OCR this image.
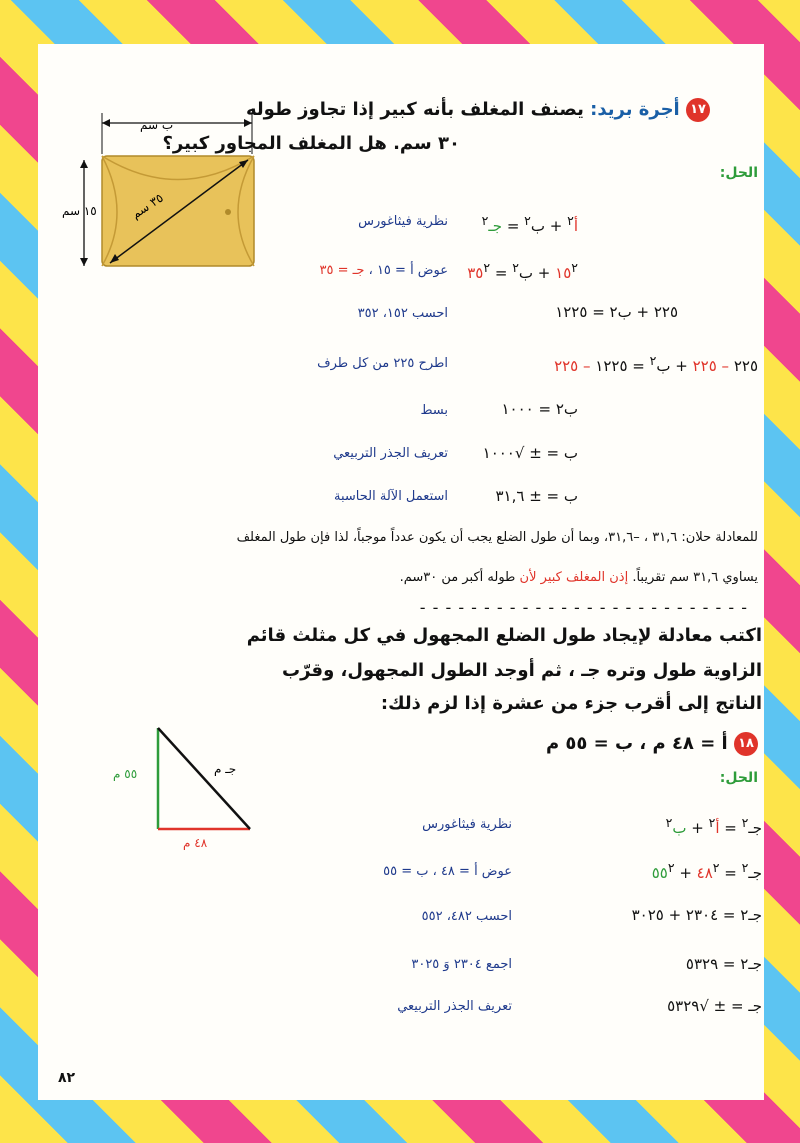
١٧ أجرة بريد: يصنف المغلف بأنه كبير إذا تجاوز طوله
٣٠ سم. هل المغلف المجاور كبير؟
الحل:
ب سم
١٥ سم	٣٥ سم
أ$^٢$ + ب$^٢$ = جـ$^٢$
نظرية فيثاغورس
$١٥^٢$ + ب$^٢$ = $٣٥^٢$
عوض أ = ١٥ ، جـ = ٣٥
٢٢٥ + ب٢ = ١٢٢٥
احسب ١٥٢، ٣٥٢
٢٢٥ – ٢٢٥ + ب$^٢$ = ١٢٢٥ – ٢٢٥
اطرح ٢٢٥ من كل طرف
ب٢ = ١٠٠٠
بسط
ب = ± √١٠٠٠
تعريف الجذر التربيعي
ب = ± ٣١,٦
استعمل الآلة الحاسبة
للمعادلة حلان: ٣١,٦ ، –٣١,٦، وبما أن طول الضلع يجب أن يكون عدداً موجباً، لذا فإن طول المغلف
يساوي ٣١,٦ سم تقريباً. إذن المغلف كبير لأن طوله أكبر من ٣٠سم.
- - - - - - - - - - - - - - - - - - - - - - - - - -
اكتب معادلة لإيجاد طول الضلع المجهول في كل مثلث قائم
الزاوية طول وتره جـ ، ثم أوجد الطول المجهول، وقرّب
الناتج إلى أقرب جزء من عشرة إذا لزم ذلك:
١٨ أ = ٤٨ م ، ب = ٥٥ م
الحل:
جـ م
٥٥ م
٤٨ م
جـ$^٢$ = أ$^٢$ + ب$^٢$
نظرية فيثاغورس
جـ$^٢$ = $٤٨^٢$ + $٥٥^٢$
عوض أ = ٤٨ ، ب = ٥٥
جـ٢ = ٢٣٠٤ + ٣٠٢٥
احسب ٤٨٢، ٥٥٢
جـ٢ = ٥٣٢٩
اجمع ٢٣٠٤ وَ ٣٠٢٥
جـ = ± √٥٣٢٩
تعريف الجذر التربيعي
٨٢
